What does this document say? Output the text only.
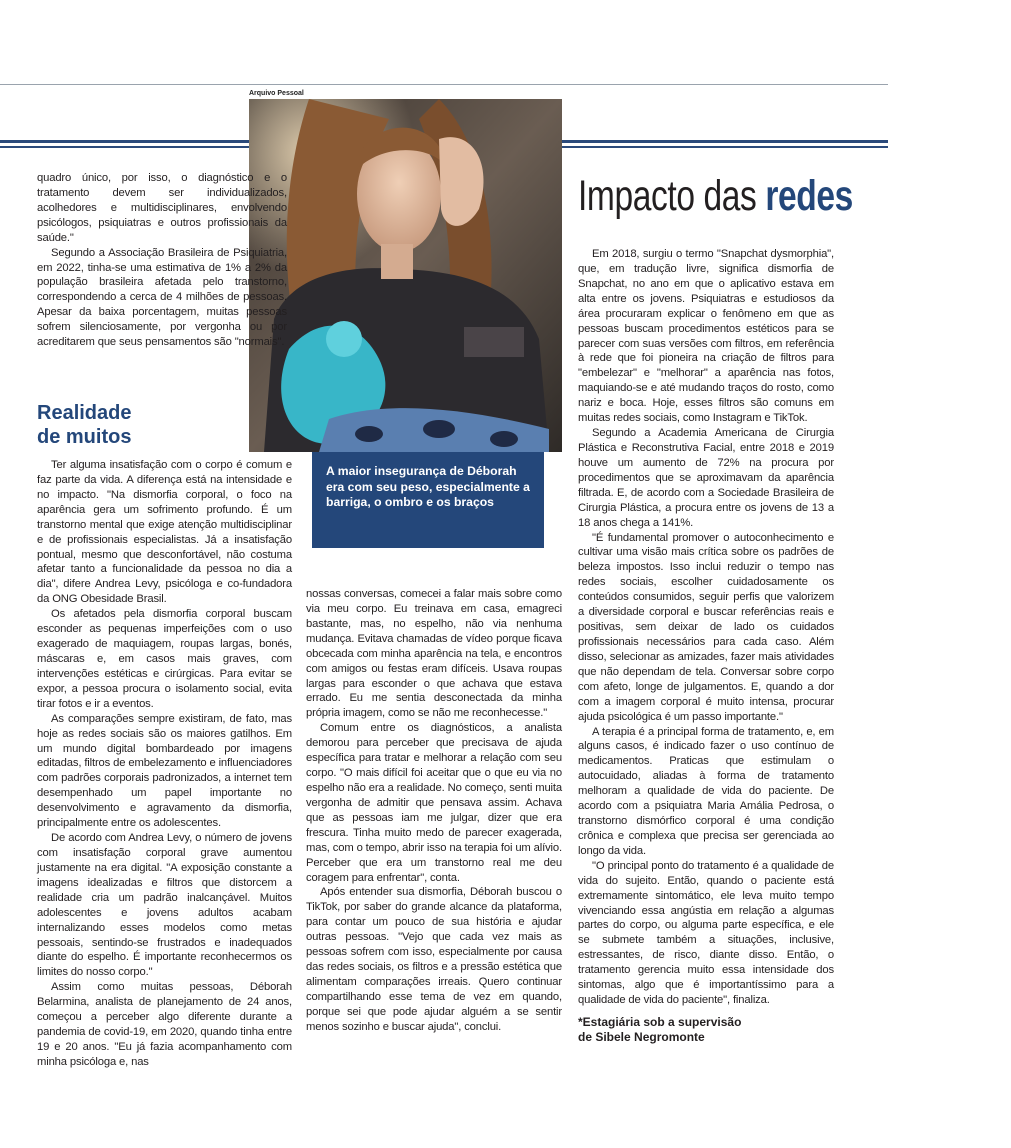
Arquivo Pessoal
A maior insegurança de Déborah era com seu peso, especialmente a barriga, o ombro e os braços

quadro único, por isso, o diagnóstico e o tratamento devem ser individualizados, acolhedores e multidisciplinares, envolvendo psicólogos, psiquiatras e outros profissionais da saúde."

Segundo a Associação Brasileira de Psiquiatria, em 2022, tinha-se uma estimativa de 1% a 2% da população brasileira afetada pelo transtorno, correspondendo a cerca de 4 milhões de pessoas. Apesar da baixa porcentagem, muitas pessoas sofrem silenciosamente, por vergonha ou por acreditarem que seus pensamentos são "normais".

Realidade
de muitos

Ter alguma insatisfação com o corpo é comum e faz parte da vida. A diferença está na intensidade e no impacto. "Na dismorfia corporal, o foco na aparência gera um sofrimento profundo. É um transtorno mental que exige atenção multidisciplinar e de profissionais especialistas. Já a insatisfação pontual, mesmo que desconfortável, não costuma afetar tanto a funcionalidade da pessoa no dia a dia", difere Andrea Levy, psicóloga e co-fundadora da ONG Obesidade Brasil.

Os afetados pela dismorfia corporal buscam esconder as pequenas imperfeições com o uso exagerado de maquiagem, roupas largas, bonés, máscaras e, em casos mais graves, com intervenções estéticas e cirúrgicas. Para evitar se expor, a pessoa procura o isolamento social, evita tirar fotos e ir a eventos.

As comparações sempre existiram, de fato, mas hoje as redes sociais são os maiores gatilhos. Em um mundo digital bombardeado por imagens editadas, filtros de embelezamento e influenciadores com padrões corporais padronizados, a internet tem desempenhado um papel importante no desenvolvimento e agravamento da dismorfia, principalmente entre os adolescentes.

De acordo com Andrea Levy, o número de jovens com insatisfação corporal grave aumentou justamente na era digital. "A exposição constante a imagens idealizadas e filtros que distorcem a realidade cria um padrão inalcançável. Muitos adolescentes e jovens adultos acabam internalizando esses modelos como metas pessoais, sentindo-se frustrados e inadequados diante do espelho. É importante reconhecermos os limites do nosso corpo."

Assim como muitas pessoas, Déborah Belarmina, analista de planejamento de 24 anos, começou a perceber algo diferente durante a pandemia de covid-19, em 2020, quando tinha entre 19 e 20 anos. "Eu já fazia acompanhamento com minha psicóloga e, nas

nossas conversas, comecei a falar mais sobre como via meu corpo. Eu treinava em casa, emagreci bastante, mas, no espelho, não via nenhuma mudança. Evitava chamadas de vídeo porque ficava obcecada com minha aparência na tela, e encontros com amigos ou festas eram difíceis. Usava roupas largas para esconder o que achava que estava errado. Eu me sentia desconectada da minha própria imagem, como se não me reconhecesse."

Comum entre os diagnósticos, a analista demorou para perceber que precisava de ajuda específica para tratar e melhorar a relação com seu corpo. "O mais difícil foi aceitar que o que eu via no espelho não era a realidade. No começo, senti muita vergonha de admitir que pensava assim. Achava que as pessoas iam me julgar, dizer que era frescura. Tinha muito medo de parecer exagerada, mas, com o tempo, abrir isso na terapia foi um alívio. Perceber que era um transtorno real me deu coragem para enfrentar", conta.

Após entender sua dismorfia, Déborah buscou o TikTok, por saber do grande alcance da plataforma, para contar um pouco de sua história e ajudar outras pessoas. "Vejo que cada vez mais as pessoas sofrem com isso, especialmente por causa das redes sociais, os filtros e a pressão estética que alimentam comparações irreais. Quero continuar compartilhando esse tema de vez em quando, porque sei que pode ajudar alguém a se sentir menos sozinho e buscar ajuda", conclui.

Impacto das redes

Em 2018, surgiu o termo "Snapchat dysmorphia", que, em tradução livre, significa dismorfia de Snapchat, no ano em que o aplicativo estava em alta entre os jovens. Psiquiatras e estudiosos da área procuraram explicar o fenômeno em que as pessoas buscam procedimentos estéticos para se parecer com suas versões com filtros, em referência à rede que foi pioneira na criação de filtros para "embelezar" e "melhorar" a aparência nas fotos, maquiando-se e até mudando traços do rosto, como nariz e boca. Hoje, esses filtros são comuns em muitas redes sociais, como Instagram e TikTok.

Segundo a Academia Americana de Cirurgia Plástica e Reconstrutiva Facial, entre 2018 e 2019 houve um aumento de 72% na procura por procedimentos que se aproximavam da aparência filtrada. E, de acordo com a Sociedade Brasileira de Cirurgia Plástica, a procura entre os jovens de 13 a 18 anos chega a 141%.

"É fundamental promover o autoconhecimento e cultivar uma visão mais crítica sobre os padrões de beleza impostos. Isso inclui reduzir o tempo nas redes sociais, escolher cuidadosamente os conteúdos consumidos, seguir perfis que valorizem a diversidade corporal e buscar referências reais e positivas, sem deixar de lado os cuidados profissionais necessários para cada caso. Além disso, selecionar as amizades, fazer mais atividades que não dependam de tela. Conversar sobre corpo com afeto, longe de julgamentos. E, quando a dor com a imagem corporal é muito intensa, procurar ajuda psicológica é um passo importante."

A terapia é a principal forma de tratamento, e, em alguns casos, é indicado fazer o uso contínuo de medicamentos. Praticas que estimulam o autocuidado, aliadas à forma de tratamento melhoram a qualidade de vida do paciente. De acordo com a psiquiatra Maria Amália Pedrosa, o transtorno dismórfico corporal é uma condição crônica e complexa que precisa ser gerenciada ao longo da vida.

"O principal ponto do tratamento é a qualidade de vida do sujeito. Então, quando o paciente está extremamente sintomático, ele leva muito tempo vivenciando essa angústia em relação a algumas partes do corpo, ou alguma parte específica, e ele se submete também a situações, inclusive, estressantes, de risco, diante disso. Então, o tratamento gerencia muito essa intensidade dos sintomas, algo que é importantíssimo para a qualidade de vida do paciente", finaliza.

*Estagiária sob a supervisão
de Sibele Negromonte
